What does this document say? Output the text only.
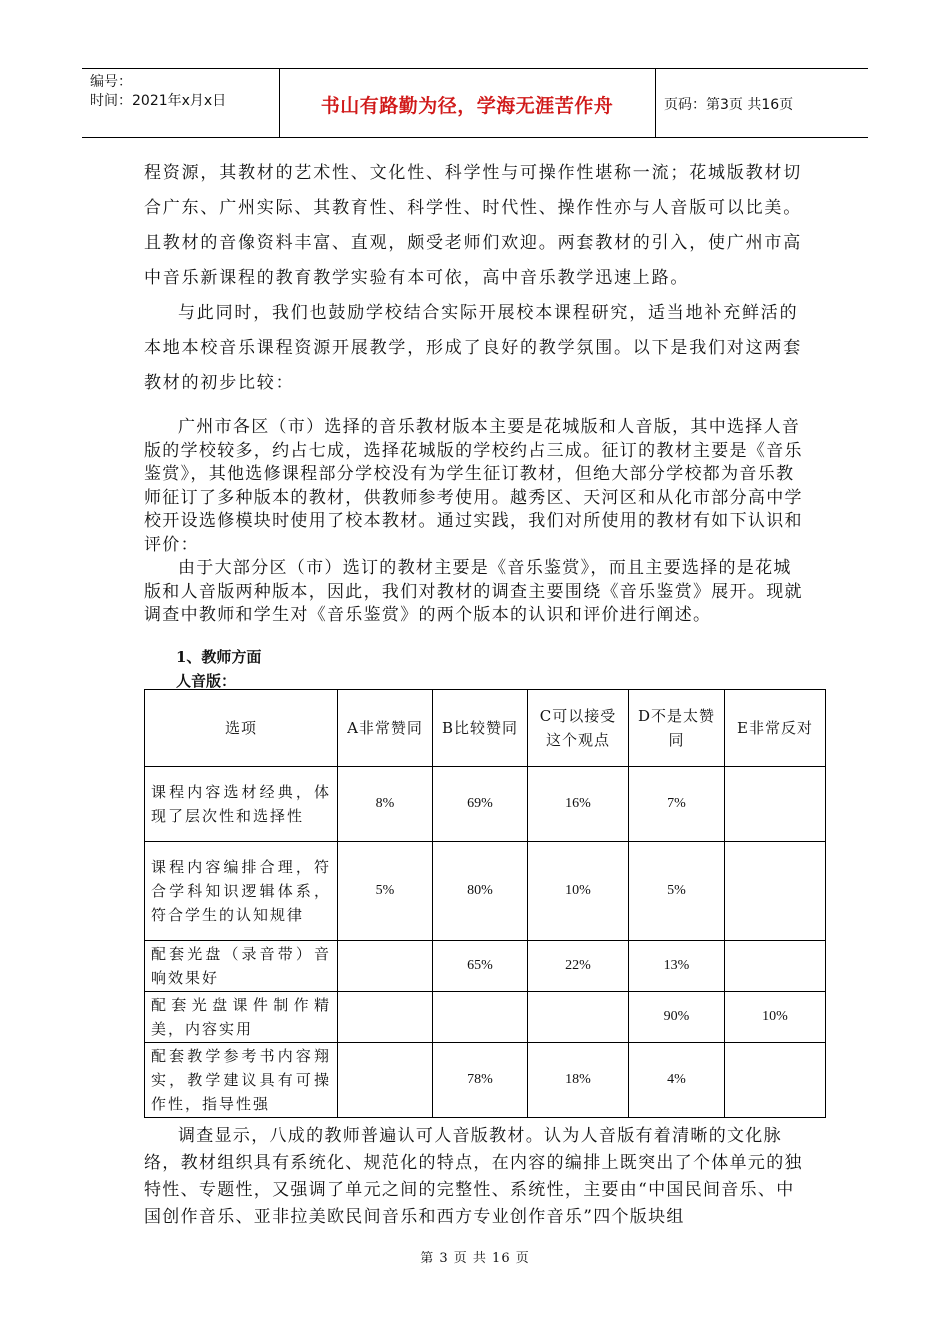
编号：
时间：2021年x月x日	书山有路勤为径，学海无涯苦作舟	页码：第3页 共16页

程资源，其教材的艺术性、文化性、科学性与可操作性堪称一流；花城版教材切合广东、广州实际、其教育性、科学性、时代性、操作性亦与人音版可以比美。且教材的音像资料丰富、直观，颇受老师们欢迎。两套教材的引入，使广州市高中音乐新课程的教育教学实验有本可依，高中音乐教学迅速上路。

与此同时，我们也鼓励学校结合实际开展校本课程研究，适当地补充鲜活的本地本校音乐课程资源开展教学，形成了良好的教学氛围。以下是我们对这两套教材的初步比较：

广州市各区（市）选择的音乐教材版本主要是花城版和人音版，其中选择人音版的学校较多，约占七成，选择花城版的学校约占三成。征订的教材主要是《音乐鉴赏》，其他选修课程部分学校没有为学生征订教材，但绝大部分学校都为音乐教师征订了多种版本的教材，供教师参考使用。越秀区、天河区和从化市部分高中学校开设选修模块时使用了校本教材。通过实践，我们对所使用的教材有如下认识和评价：

由于大部分区（市）选订的教材主要是《音乐鉴赏》，而且主要选择的是花城版和人音版两种版本，因此，我们对教材的调查主要围绕《音乐鉴赏》展开。现就调查中教师和学生对《音乐鉴赏》的两个版本的认识和评价进行阐述。

1、教师方面
人音版：
选项	A非常赞同	B比较赞同	C可以接受这个观点	D不是太赞同	E非常反对
课程内容选材经典，体现了层次性和选择性	8%	69%	16%	7%	
课程内容编排合理，符合学科知识逻辑体系，符合学生的认知规律	5%	80%	10%	5%	
配套光盘（录音带）音响效果好		65%	22%	13%	
配套光盘课件制作精美，内容实用				90%	10%
配套教学参考书内容翔实，教学建议具有可操作性，指导性强		78%	18%	4%	

调查显示，八成的教师普遍认可人音版教材。认为人音版有着清晰的文化脉络，教材组织具有系统化、规范化的特点，在内容的编排上既突出了个体单元的独特性、专题性，又强调了单元之间的完整性、系统性，主要由“中国民间音乐、中国创作音乐、亚非拉美欧民间音乐和西方专业创作音乐”四个版块组

第 3 页 共 16 页
